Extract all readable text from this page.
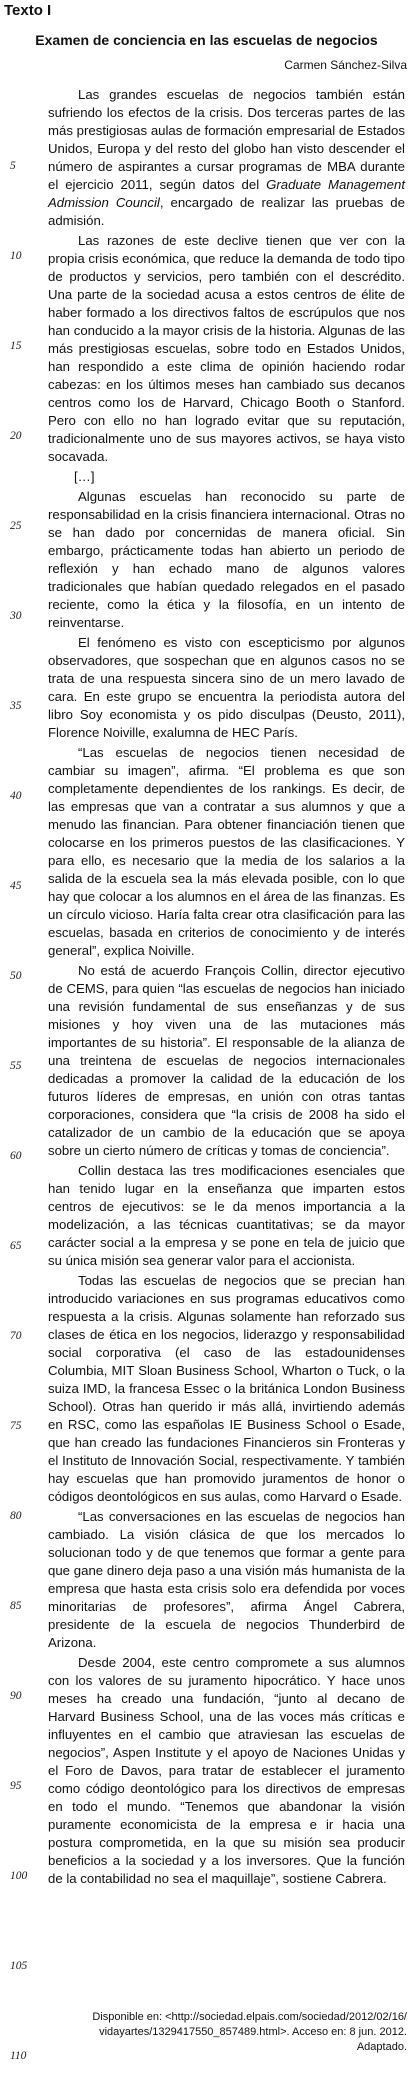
Texto I
Examen de conciencia en las escuelas de negocios
Carmen Sánchez-Silva

Las grandes escuelas de negocios también están sufriendo los efectos de la crisis. Dos terceras partes de las más prestigiosas aulas de formación empresarial de Estados Unidos, Europa y del resto del globo han visto descender el número de aspirantes a cursar programas de MBA durante el ejercicio 2011, según datos del Graduate Management Admission Council, encargado de realizar las pruebas de admisión.

Las razones de este declive tienen que ver con la propia crisis económica, que reduce la demanda de todo tipo de productos y servicios, pero también con el descrédito. Una parte de la sociedad acusa a estos centros de élite de haber formado a los directivos faltos de escrúpulos que nos han conducido a la mayor crisis de la historia. Algunas de las más prestigiosas escuelas, sobre todo en Estados Unidos, han respondido a este clima de opinión haciendo rodar cabezas: en los últimos meses han cambiado sus decanos centros como los de Harvard, Chicago Booth o Stanford. Pero con ello no han logrado evitar que su reputación, tradicionalmente uno de sus mayores activos, se haya visto socavada.

[…]

Algunas escuelas han reconocido su parte de responsabilidad en la crisis financiera internacional. Otras no se han dado por concernidas de manera oficial. Sin embargo, prácticamente todas han abierto un periodo de reflexión y han echado mano de algunos valores tradicionales que habían quedado relegados en el pasado reciente, como la ética y la filosofía, en un intento de reinventarse.

El fenómeno es visto con escepticismo por algunos observadores, que sospechan que en algunos casos no se trata de una respuesta sincera sino de un mero lavado de cara. En este grupo se encuentra la periodista autora del libro Soy economista y os pido disculpas (Deusto, 2011), Florence Noiville, exalumna de HEC París.

“Las escuelas de negocios tienen necesidad de cambiar su imagen”, afirma. “El problema es que son completamente dependientes de los rankings. Es decir, de las empresas que van a contratar a sus alumnos y que a menudo las financian. Para obtener financiación tienen que colocarse en los primeros puestos de las clasificaciones. Y para ello, es necesario que la media de los salarios a la salida de la escuela sea la más elevada posible, con lo que hay que colocar a los alumnos en el área de las finanzas. Es un círculo vicioso. Haría falta crear otra clasificación para las escuelas, basada en criterios de conocimiento y de interés general”, explica Noiville.

No está de acuerdo François Collin, director ejecutivo de CEMS, para quien “las escuelas de negocios han iniciado una revisión fundamental de sus enseñanzas y de sus misiones y hoy viven una de las mutaciones más importantes de su historia”. El responsable de la alianza de una treintena de escuelas de negocios internacionales dedicadas a promover la calidad de la educación de los futuros líderes de empresas, en unión con otras tantas corporaciones, considera que “la crisis de 2008 ha sido el catalizador de un cambio de la educación que se apoya sobre un cierto número de críticas y tomas de conciencia”.

Collin destaca las tres modificaciones esenciales que han tenido lugar en la enseñanza que imparten estos centros de ejecutivos: se le da menos importancia a la modelización, a las técnicas cuantitativas; se da mayor carácter social a la empresa y se pone en tela de juicio que su única misión sea generar valor para el accionista.

Todas las escuelas de negocios que se precian han introducido variaciones en sus programas educativos como respuesta a la crisis. Algunas solamente han reforzado sus clases de ética en los negocios, liderazgo y responsabilidad social corporativa (el caso de las estadounidenses Columbia, MIT Sloan Business School, Wharton o Tuck, o la suiza IMD, la francesa Essec o la británica London Business School). Otras han querido ir más allá, invirtiendo además en RSC, como las españolas IE Business School o Esade, que han creado las fundaciones Financieros sin Fronteras y el Instituto de Innovación Social, respectivamente. Y también hay escuelas que han promovido juramentos de honor o códigos deontológicos en sus aulas, como Harvard o Esade.

“Las conversaciones en las escuelas de negocios han cambiado. La visión clásica de que los mercados lo solucionan todo y de que tenemos que formar a gente para que gane dinero deja paso a una visión más humanista de la empresa que hasta esta crisis solo era defendida por voces minoritarias de profesores”, afirma Ángel Cabrera, presidente de la escuela de negocios Thunderbird de Arizona.

Desde 2004, este centro compromete a sus alumnos con los valores de su juramento hipocrático. Y hace unos meses ha creado una fundación, “junto al decano de Harvard Business School, una de las voces más críticas e influyentes en el cambio que atraviesan las escuelas de negocios”, Aspen Institute y el apoyo de Naciones Unidas y el Foro de Davos, para tratar de establecer el juramento como código deontológico para los directivos de empresas en todo el mundo. “Tenemos que abandonar la visión puramente economicista de la empresa e ir hacia una postura comprometida, en la que su misión sea producir beneficios a la sociedad y a los inversores. Que la función de la contabilidad no sea el maquillaje”, sostiene Cabrera.

5
10
15
20
25
30
35
40
45
50
55
60
65
70
75
80
85
90
95
100
105
110
Disponible en: <http://sociedad.elpais.com/sociedad/2012/02/16/
vidayartes/1329417550_857489.html>. Acceso en: 8 jun. 2012.
Adaptado.
